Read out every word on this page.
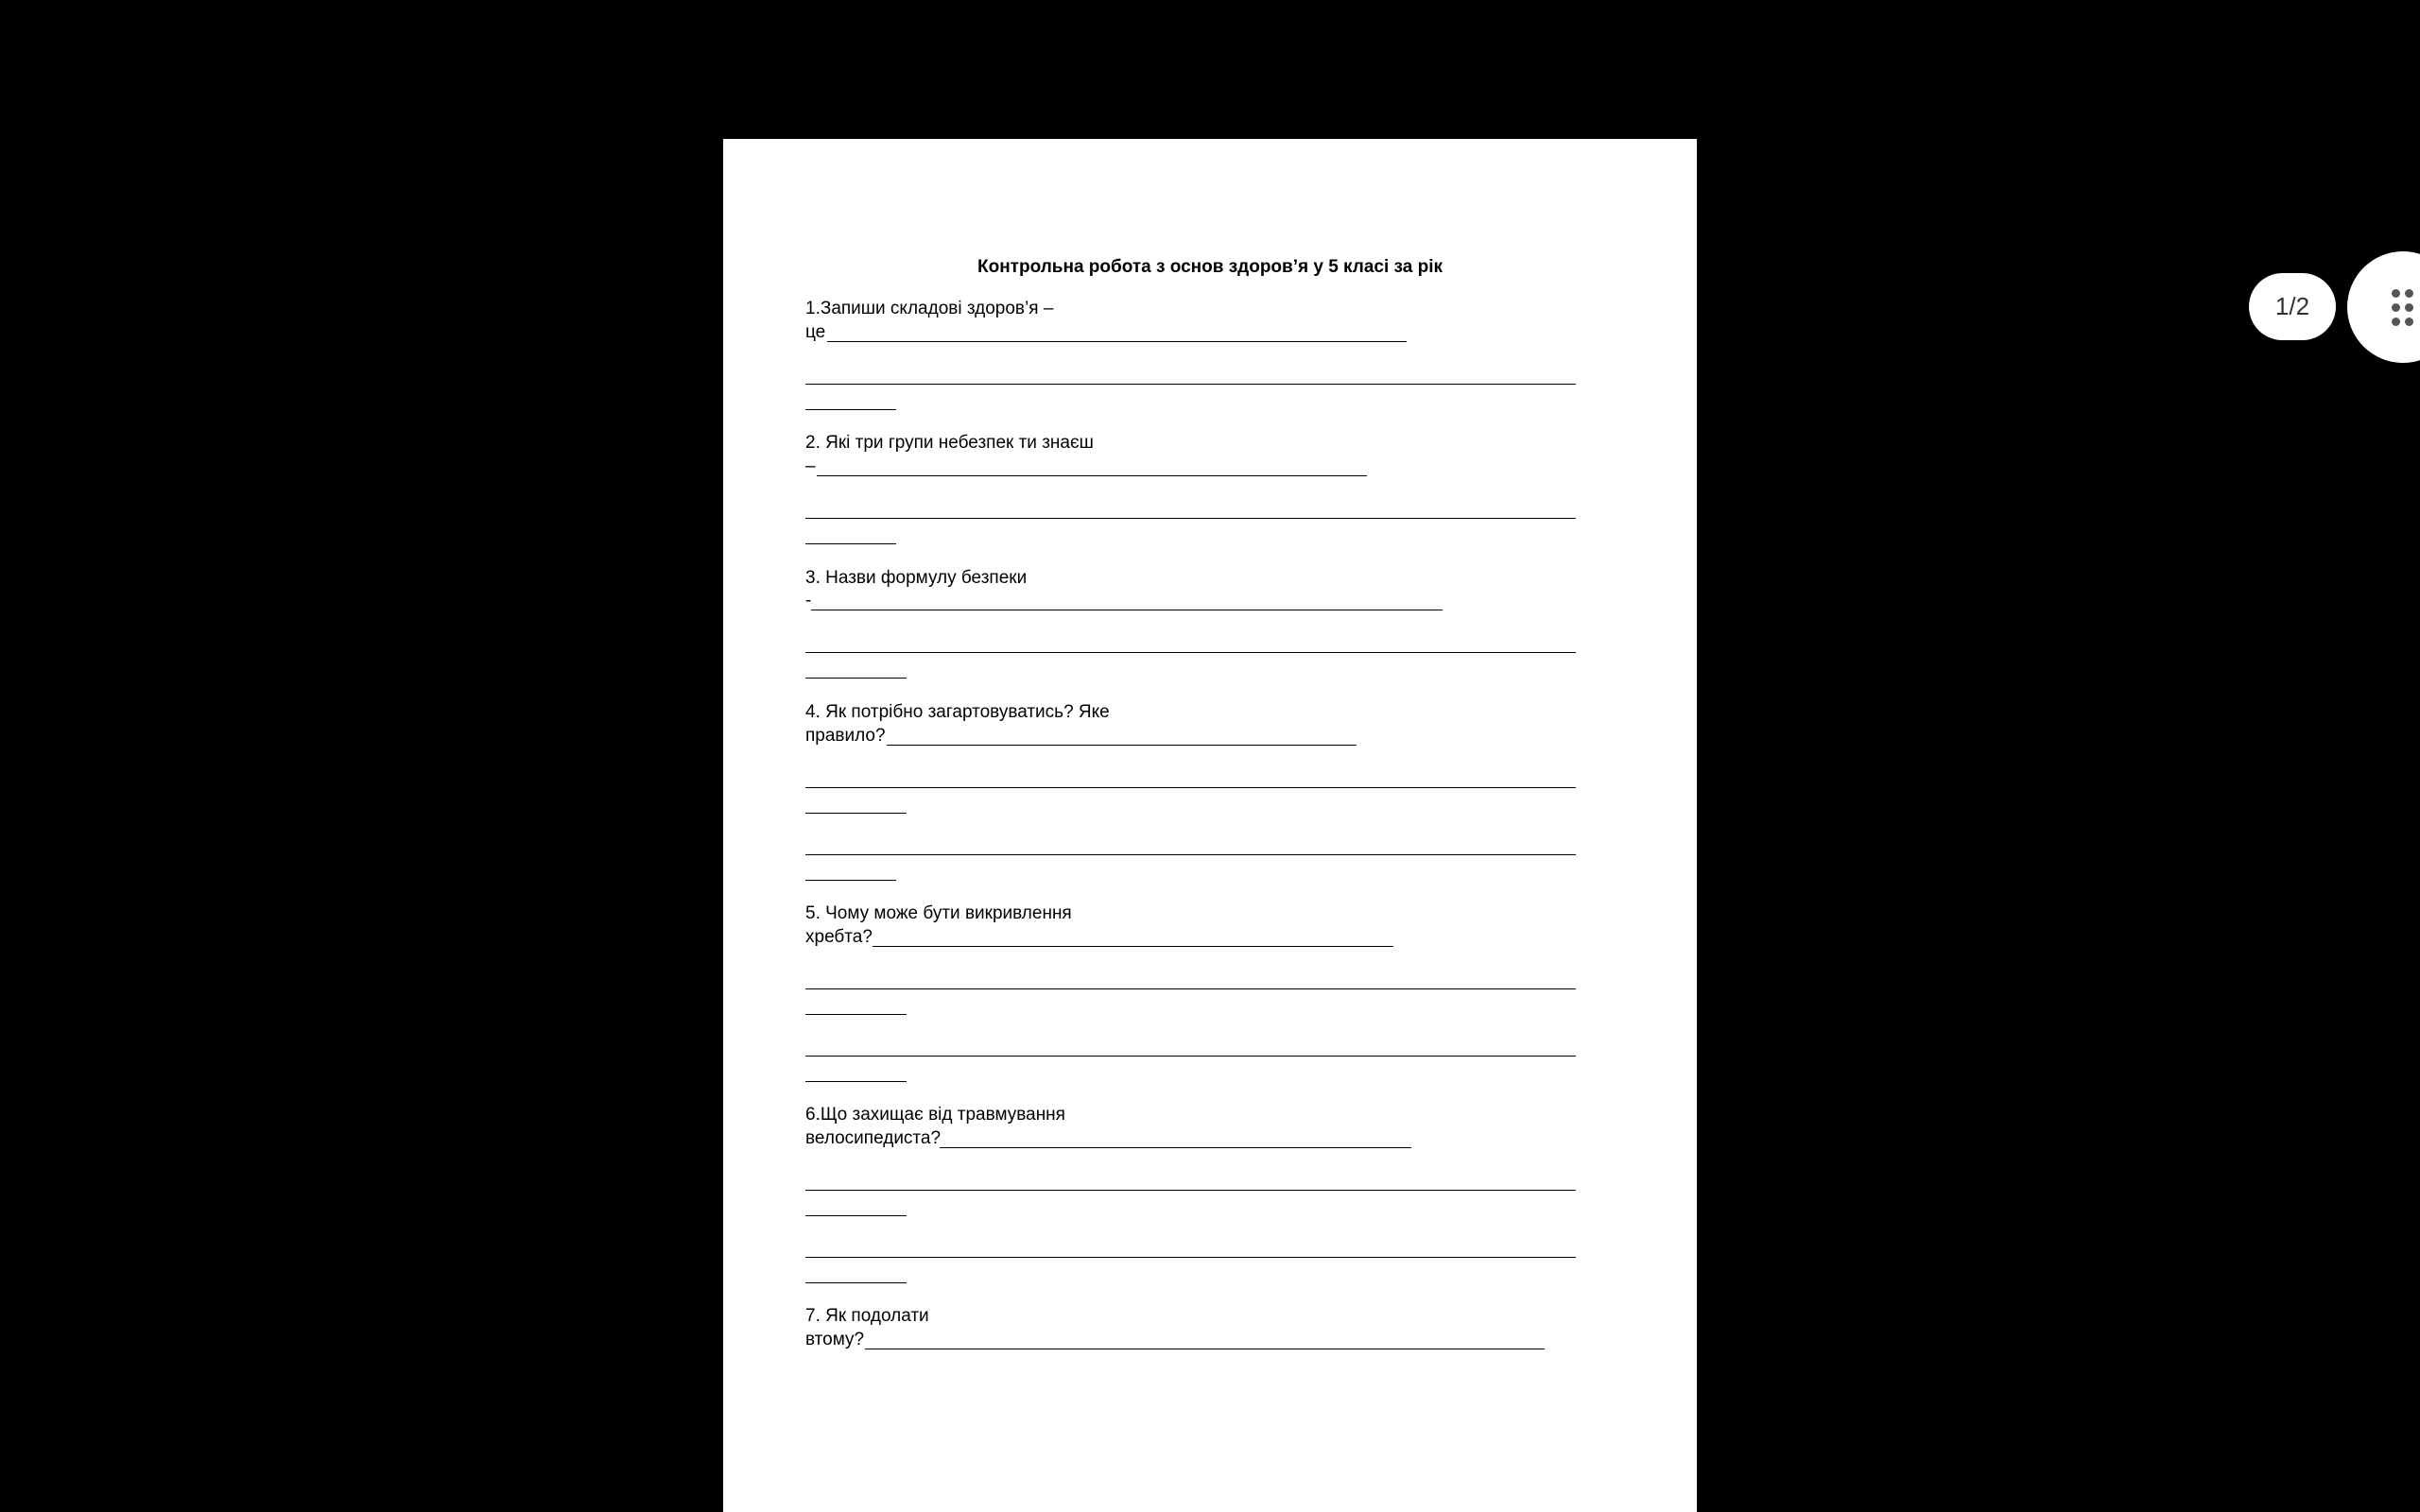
Контрольна робота з основ здоров’я у 5 класі за рік
1.Запиши складові здоров’я –
це
2. Які три групи небезпек ти знаєш
–
3. Назви формулу безпеки
-
4. Як потрібно загартовуватись? Яке
правило?
5. Чому може бути викривлення
хребта?
6.Що захищає від травмування
велосипедиста?
7. Як подолати
втому?
1/2
